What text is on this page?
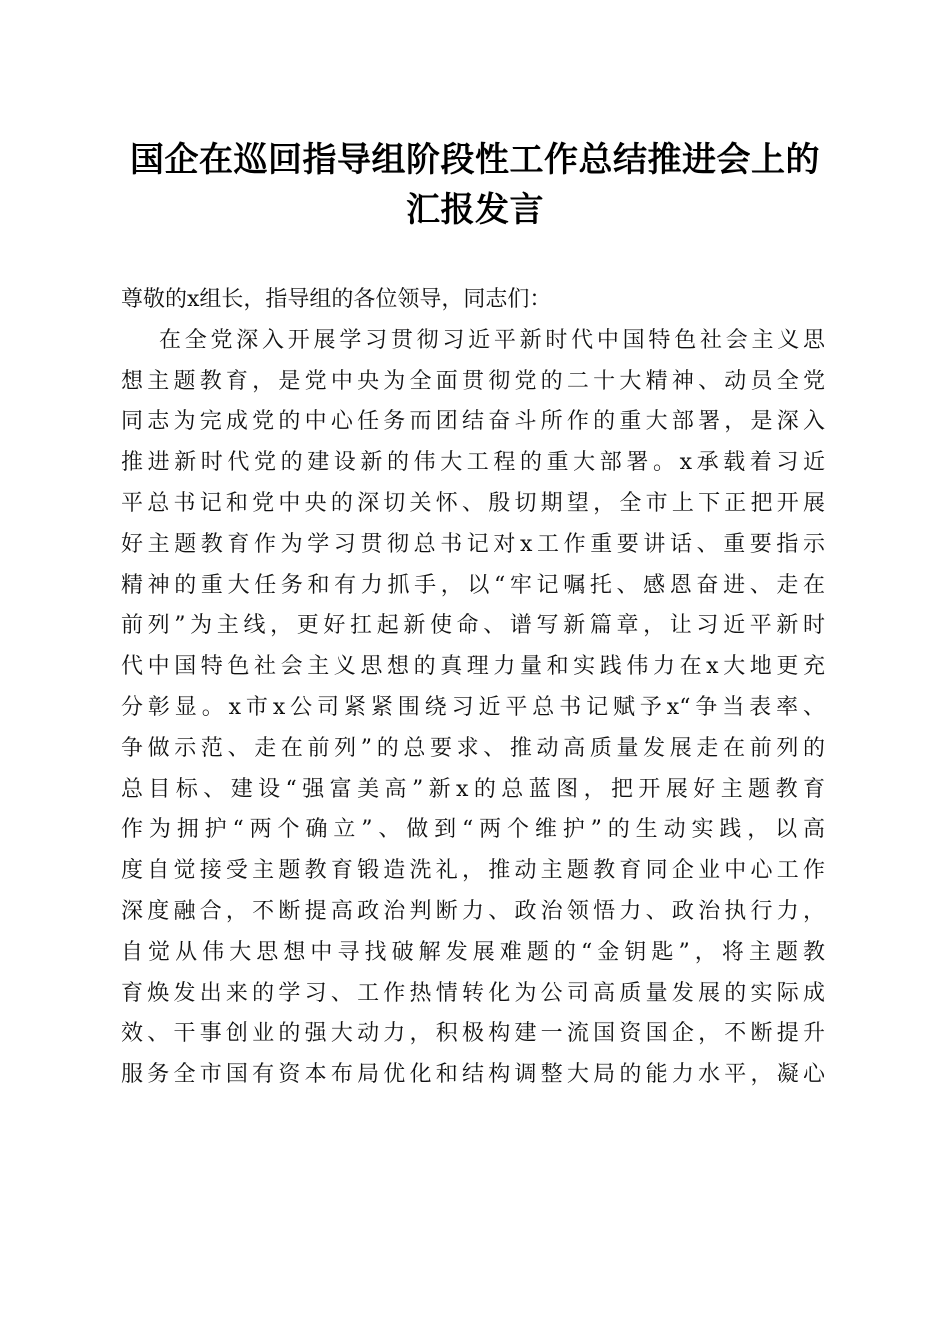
国企在巡回指导组阶段性工作总结推进会上的
汇报发言
尊敬的x组长，指导组的各位领导，同志们：
在全党深入开展学习贯彻习近平新时代中国特色社会主义思
想主题教育，是党中央为全面贯彻党的二十大精神、动员全党
同志为完成党的中心任务而团结奋斗所作的重大部署，是深入
推进新时代党的建设新的伟大工程的重大部署。x承载着习近
平总书记和党中央的深切关怀、殷切期望，全市上下正把开展
好主题教育作为学习贯彻总书记对x工作重要讲话、重要指示
精神的重大任务和有力抓手，以“牢记嘱托、感恩奋进、走在
前列”为主线，更好扛起新使命、谱写新篇章，让习近平新时
代中国特色社会主义思想的真理力量和实践伟力在x大地更充
分彰显。x市x公司紧紧围绕习近平总书记赋予x“争当表率、
争做示范、走在前列”的总要求、推动高质量发展走在前列的
总目标、建设“强富美高”新x的总蓝图，把开展好主题教育
作为拥护“两个确立”、做到“两个维护”的生动实践，以高
度自觉接受主题教育锻造洗礼，推动主题教育同企业中心工作
深度融合，不断提高政治判断力、政治领悟力、政治执行力，
自觉从伟大思想中寻找破解发展难题的“金钥匙”，将主题教
育焕发出来的学习、工作热情转化为公司高质量发展的实际成
效、干事创业的强大动力，积极构建一流国资国企，不断提升
服务全市国有资本布局优化和结构调整大局的能力水平，凝心
